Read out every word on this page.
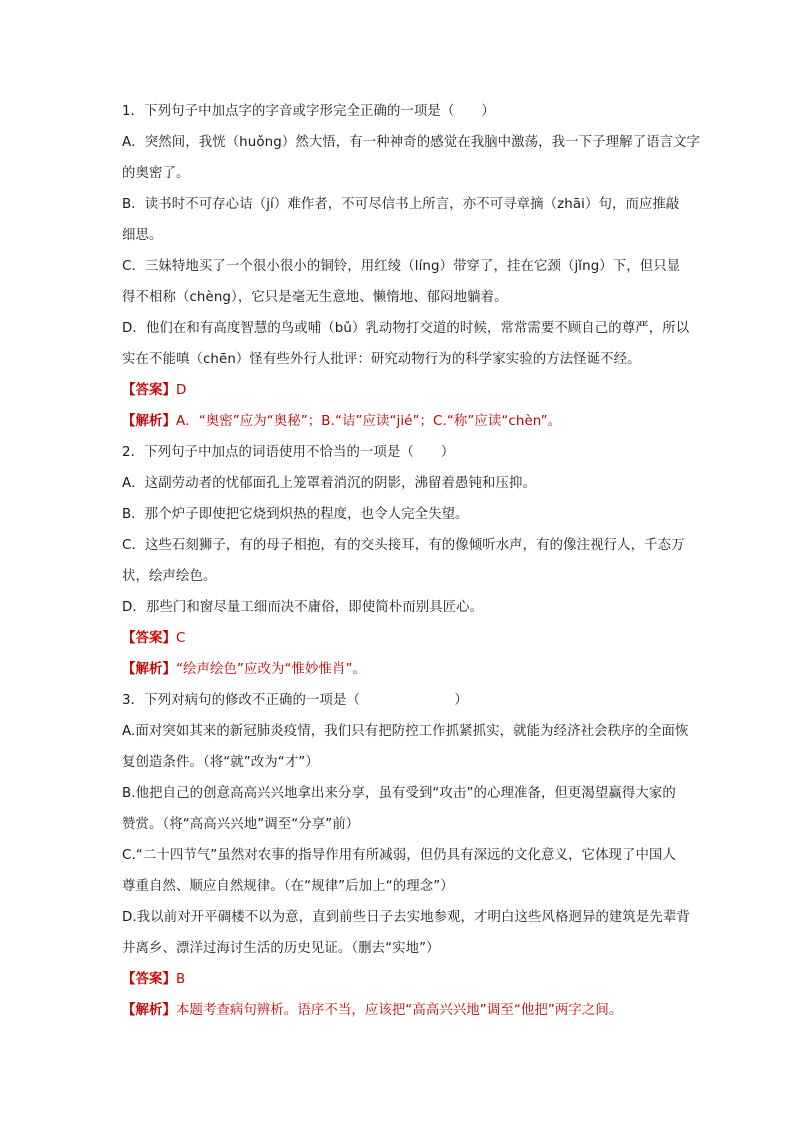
1．下列句子中加点字的字音或字形完全正确的一项是（　　）

A．突然间，我恍（huǒng）然大悟，有一种神奇的感觉在我脑中激荡，我一下子理解了语言文字

的奥密了。

B．读书时不可存心诘（jí）难作者，不可尽信书上所言，亦不可寻章摘（zhāi）句，而应推敲

细思。

C．三妹特地买了一个很小很小的铜铃，用红绫（líng）带穿了，挂在它颈（jǐng）下，但只显

得不相称（chèng），它只是毫无生意地、懒惰地、郁闷地躺着。

D．他们在和有高度智慧的鸟或哺（bǔ）乳动物打交道的时候，常常需要不顾自己的尊严，所以

实在不能嗔（chēn）怪有些外行人批评：研究动物行为的科学家实验的方法怪诞不经。

【答案】D

【解析】A．“奥密”应为“奥秘”；B.“诘”应读“jié”；C.“称”应读“chèn”。

2．下列句子中加点的词语使用不恰当的一项是（　　）

A．这副劳动者的忧郁面孔上笼罩着消沉的阴影，沸留着愚钝和压抑。

B．那个炉子即使把它烧到炽热的程度，也令人完全失望。

C．这些石刻狮子，有的母子相抱，有的交头接耳，有的像倾听水声，有的像注视行人，千态万

状，绘声绘色。

D．那些门和窗尽量工细而决不庸俗，即使简朴而别具匠心。

【答案】C

【解析】“绘声绘色”应改为“惟妙惟肖”。

3．下列对病句的修改不正确的一项是（　　　　　　　）

A.面对突如其来的新冠肺炎疫情，我们只有把防控工作抓紧抓实，就能为经济社会秩序的全面恢

复创造条件。（将“就”改为“才”）

B.他把自己的创意高高兴兴地拿出来分享，虽有受到“攻击”的心理准备，但更渴望赢得大家的

赞赏。（将“高高兴兴地”调至“分享”前）

C.“二十四节气”虽然对农事的指导作用有所减弱，但仍具有深远的文化意义，它体现了中国人

尊重自然、顺应自然规律。（在“规律”后加上“的理念”）

D.我以前对开平碉楼不以为意，直到前些日子去实地参观，才明白这些风格迥异的建筑是先辈背

井离乡、漂洋过海讨生活的历史见证。（删去“实地”）

【答案】B

【解析】本题考查病句辨析。语序不当，应该把“高高兴兴地”调至“他把”两字之间。
